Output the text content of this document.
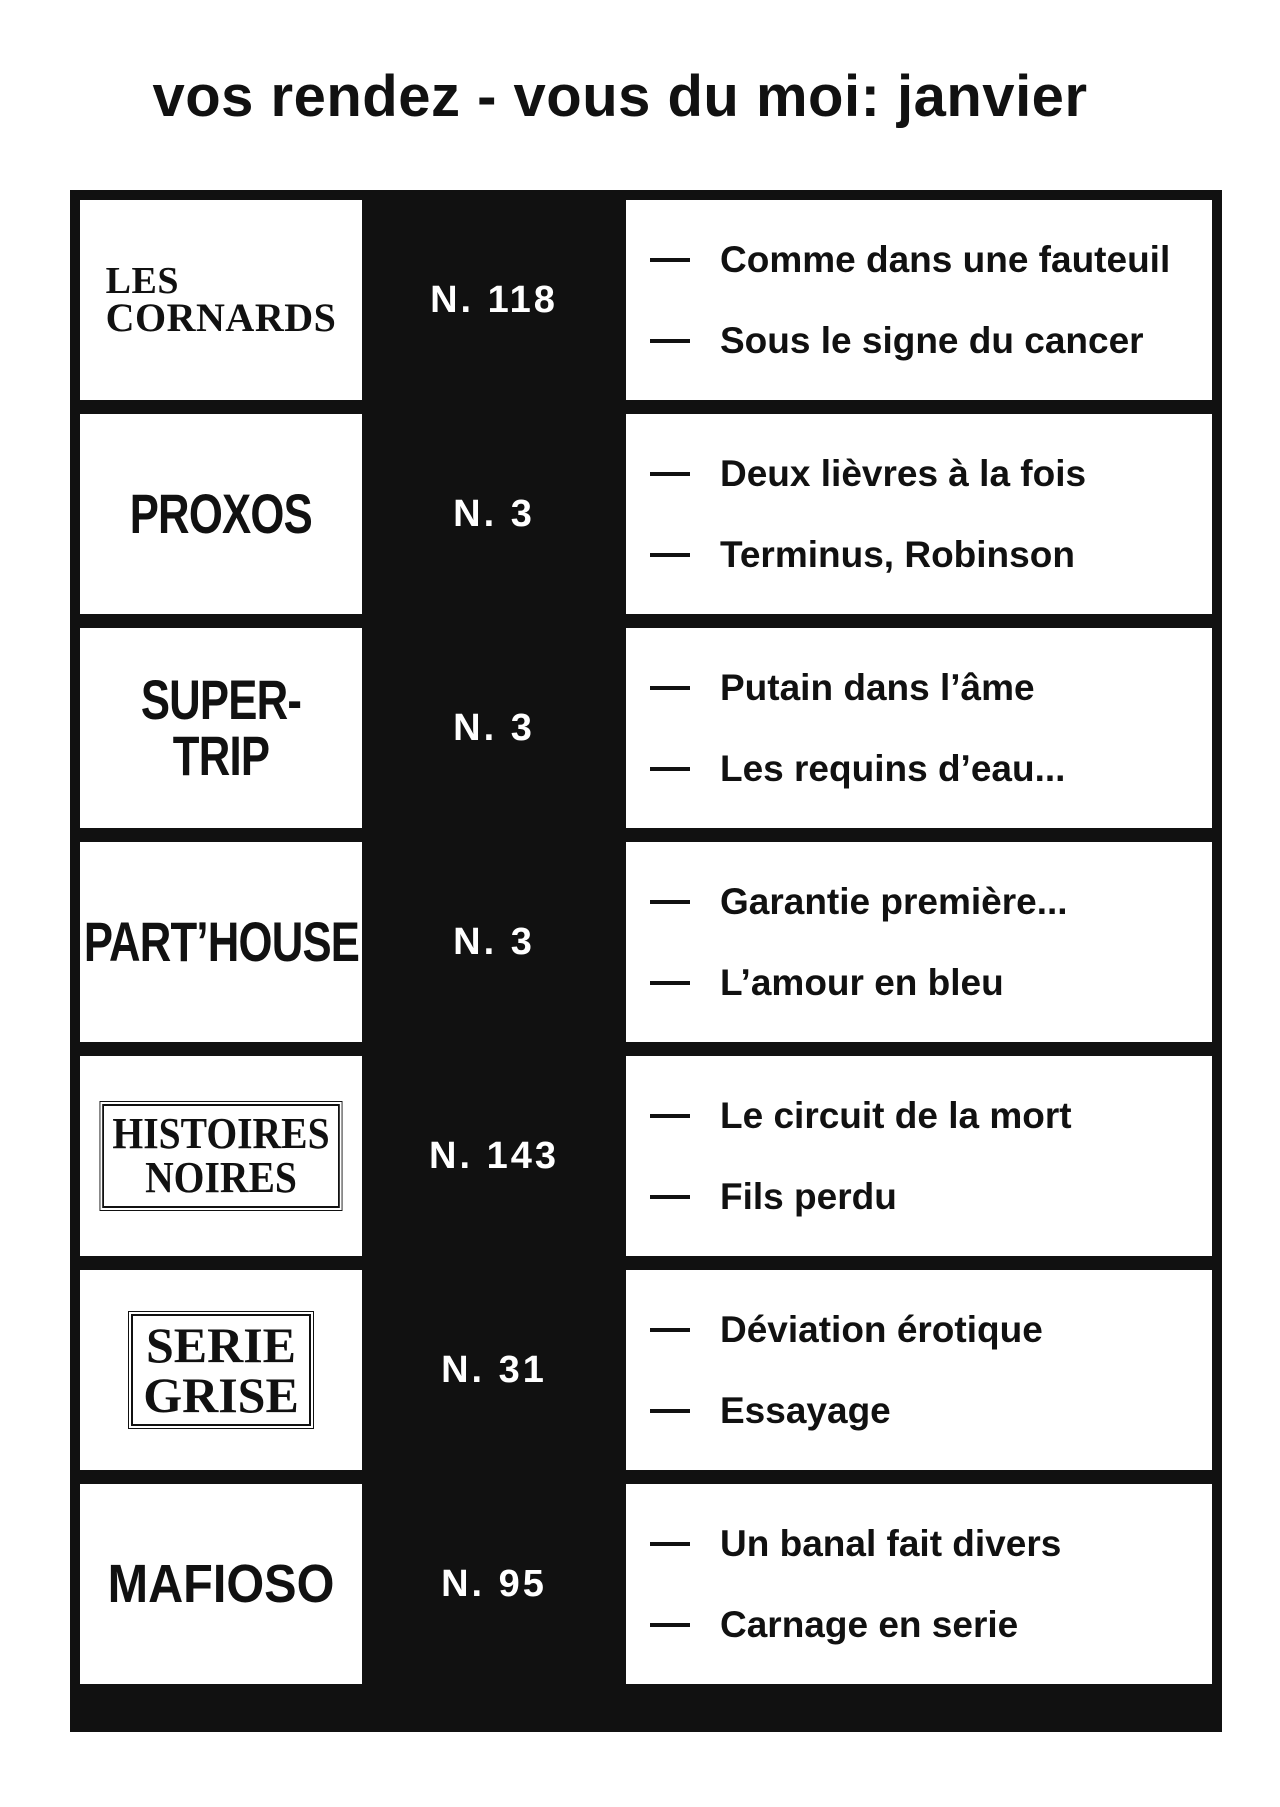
vos rendez - vous du moi: janvier
LES
CORNARDS	N. 118
Comme dans une fauteuil
Sous le signe du cancer
PROXOS	N. 3
Deux lièvres à la fois
Terminus, Robinson
SUPER-TRIP	N. 3
Putain dans l’âme
Les requins d’eau...
PART’HOUSE	N. 3
Garantie première...
L’amour en bleu
HISTOIRES
NOIRES	N. 143
Le circuit de la mort
Fils perdu
SERIE
GRISE	N. 31
Déviation érotique
Essayage
MAFIOSO	N. 95
Un banal fait divers
Carnage en serie
